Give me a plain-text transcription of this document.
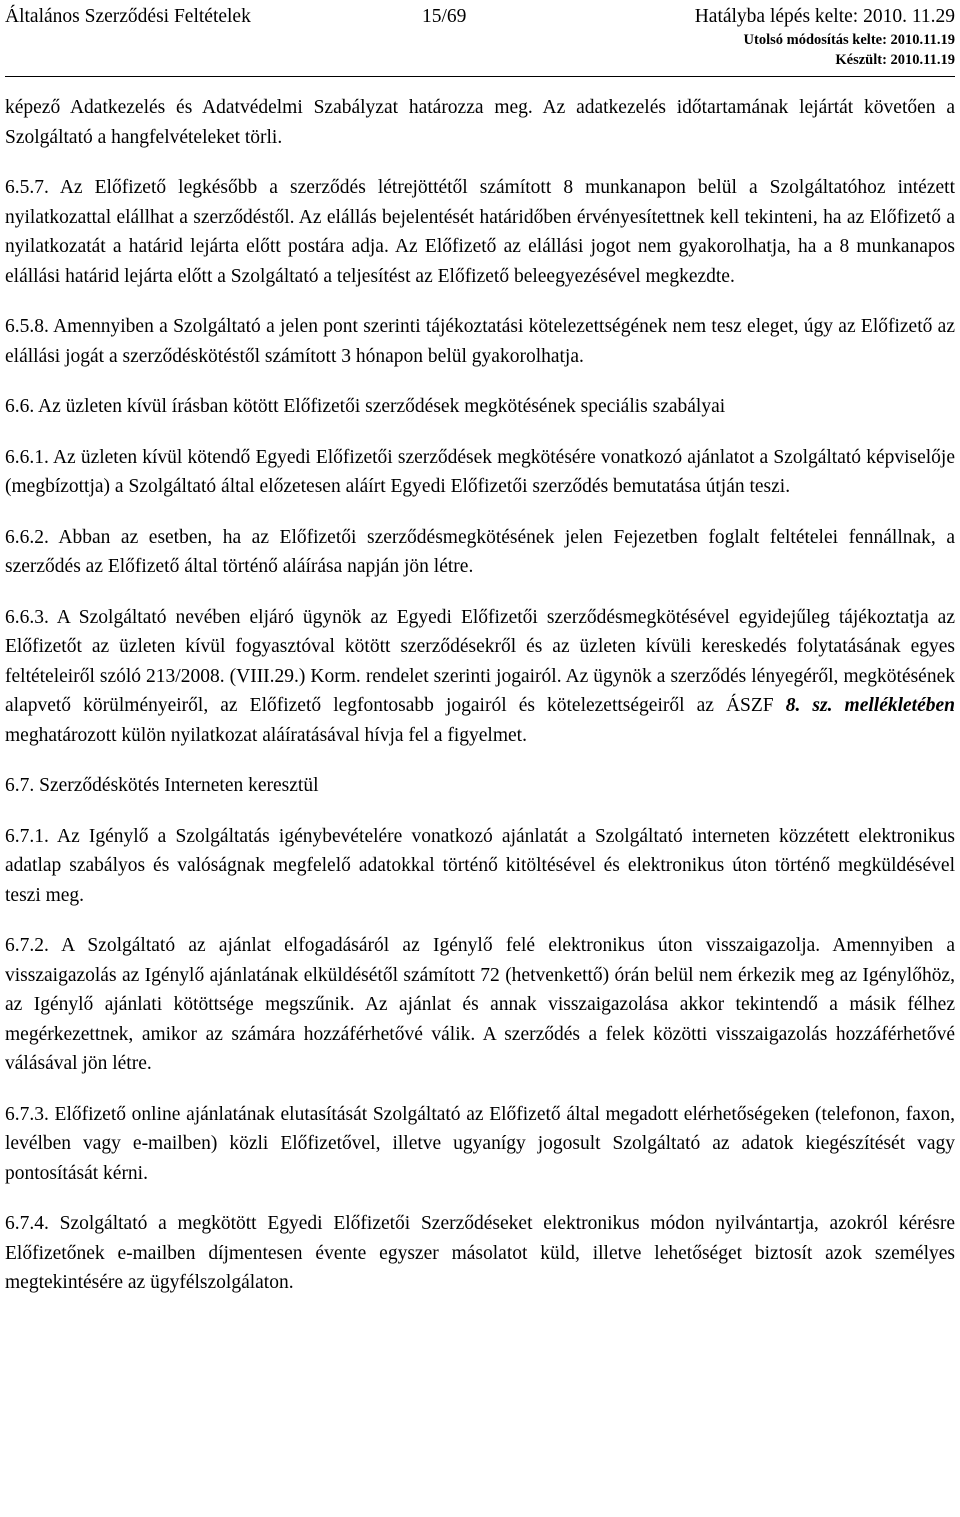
Általános Szerződési Feltételek	15/69	Hatályba lépés kelte: 2010. 11.29
Utolsó módosítás kelte: 2010.11.19
Készült: 2010.11.19

képező Adatkezelés és Adatvédelmi Szabályzat határozza meg. Az adatkezelés időtartamának lejártát követően a Szolgáltató a hangfelvételeket törli.

6.5.7. Az Előfizető legkésőbb a szerződés létrejöttétől számított 8 munkanapon belül a Szolgáltatóhoz intézett nyilatkozattal elállhat a szerződéstől. Az elállás bejelentését határidőben érvényesítettnek kell tekinteni, ha az Előfizető a nyilatkozatát a határid lejárta előtt postára adja. Az Előfizető az elállási jogot nem gyakorolhatja, ha a 8 munkanapos elállási határid lejárta előtt a Szolgáltató a teljesítést az Előfizető beleegyezésével megkezdte.

6.5.8. Amennyiben a Szolgáltató a jelen pont szerinti tájékoztatási kötelezettségének nem tesz eleget, úgy az Előfizető az elállási jogát a szerződéskötéstől számított 3 hónapon belül gyakorolhatja.

6.6. Az üzleten kívül írásban kötött Előfizetői szerződések megkötésének speciális szabályai

6.6.1. Az üzleten kívül kötendő Egyedi Előfizetői szerződések megkötésére vonatkozó ajánlatot a Szolgáltató képviselője (megbízottja) a Szolgáltató által előzetesen aláírt Egyedi Előfizetői szerződés bemutatása útján teszi.

6.6.2. Abban az esetben, ha az Előfizetői szerződésmegkötésének jelen Fejezetben foglalt feltételei fennállnak, a szerződés az Előfizető által történő aláírása napján jön létre.

6.6.3. A Szolgáltató nevében eljáró ügynök az Egyedi Előfizetői szerződésmegkötésével egyidejűleg tájékoztatja az Előfizetőt az üzleten kívül fogyasztóval kötött szerződésekről és az üzleten kívüli kereskedés folytatásának egyes feltételeiről szóló 213/2008. (VIII.29.) Korm. rendelet szerinti jogairól. Az ügynök a szerződés lényegéről, megkötésének alapvető körülményeiről, az Előfizető legfontosabb jogairól és kötelezettségeiről az ÁSZF 8. sz. mellékletében meghatározott külön nyilatkozat aláíratásával hívja fel a figyelmet.

6.7. Szerződéskötés Interneten keresztül

6.7.1. Az Igénylő a Szolgáltatás igénybevételére vonatkozó ajánlatát a Szolgáltató interneten közzétett elektronikus adatlap szabályos és valóságnak megfelelő adatokkal történő kitöltésével és elektronikus úton történő megküldésével teszi meg.

6.7.2. A Szolgáltató az ajánlat elfogadásáról az Igénylő felé elektronikus úton visszaigazolja. Amennyiben a visszaigazolás az Igénylő ajánlatának elküldésétől számított 72 (hetvenkettő) órán belül nem érkezik meg az Igénylőhöz, az Igénylő ajánlati kötöttsége megszűnik. Az ajánlat és annak visszaigazolása akkor tekintendő a másik félhez megérkezettnek, amikor az számára hozzáférhetővé válik. A szerződés a felek közötti visszaigazolás hozzáférhetővé válásával jön létre.

6.7.3. Előfizető online ajánlatának elutasítását Szolgáltató az Előfizető által megadott elérhetőségeken (telefonon, faxon, levélben vagy e-mailben) közli Előfizetővel, illetve ugyanígy jogosult Szolgáltató az adatok kiegészítését vagy pontosítását kérni.

6.7.4. Szolgáltató a megkötött Egyedi Előfizetői Szerződéseket elektronikus módon nyilvántartja, azokról kérésre Előfizetőnek e-mailben díjmentesen évente egyszer másolatot küld, illetve lehetőséget biztosít azok személyes megtekintésére az ügyfélszolgálaton.
